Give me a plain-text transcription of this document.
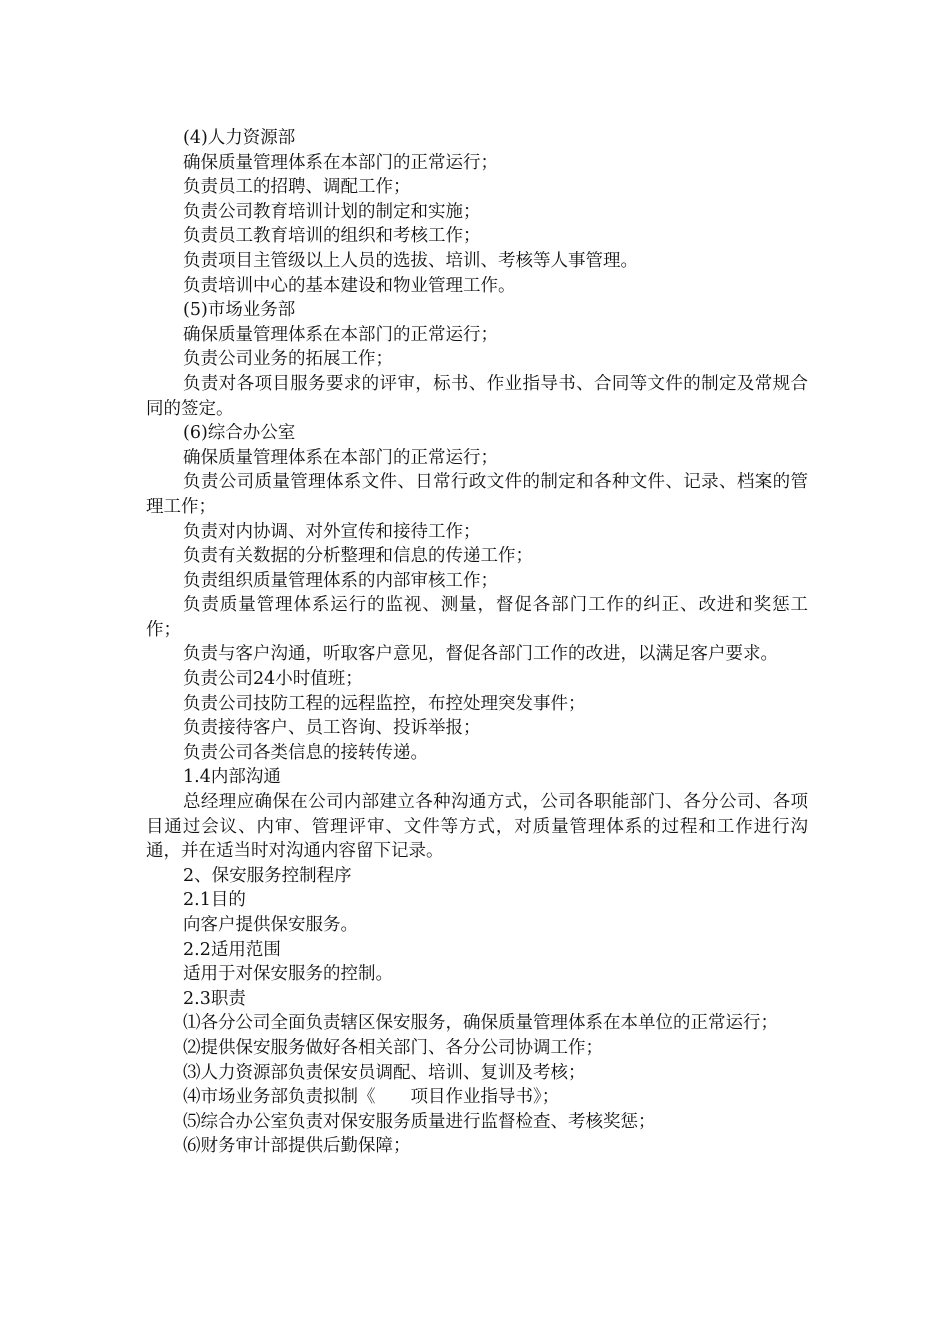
(4)人力资源部

确保质量管理体系在本部门的正常运行；

负责员工的招聘、调配工作；

负责公司教育培训计划的制定和实施；

负责员工教育培训的组织和考核工作；

负责项目主管级以上人员的选拔、培训、考核等人事管理。

负责培训中心的基本建设和物业管理工作。

(5)市场业务部

确保质量管理体系在本部门的正常运行；

负责公司业务的拓展工作；

负责对各项目服务要求的评审，标书、作业指导书、合同等文件的制定及常规合同的签定。

(6)综合办公室

确保质量管理体系在本部门的正常运行；

负责公司质量管理体系文件、日常行政文件的制定和各种文件、记录、档案的管理工作；

负责对内协调、对外宣传和接待工作；

负责有关数据的分析整理和信息的传递工作；

负责组织质量管理体系的内部审核工作；

负责质量管理体系运行的监视、测量，督促各部门工作的纠正、改进和奖惩工作；

负责与客户沟通，听取客户意见，督促各部门工作的改进，以满足客户要求。

负责公司24小时值班；

负责公司技防工程的远程监控，布控处理突发事件；

负责接待客户、员工咨询、投诉举报；

负责公司各类信息的接转传递。

1.4内部沟通

总经理应确保在公司内部建立各种沟通方式，公司各职能部门、各分公司、各项目通过会议、内审、管理评审、文件等方式，对质量管理体系的过程和工作进行沟通，并在适当时对沟通内容留下记录。

2、保安服务控制程序

2.1目的

向客户提供保安服务。

2.2适用范围

适用于对保安服务的控制。

2.3职责

⑴各分公司全面负责辖区保安服务，确保质量管理体系在本单位的正常运行；

⑵提供保安服务做好各相关部门、各分公司协调工作；

⑶人力资源部负责保安员调配、培训、复训及考核；

⑷市场业务部负责拟制《　　项目作业指导书》；

⑸综合办公室负责对保安服务质量进行监督检查、考核奖惩；

⑹财务审计部提供后勤保障；
